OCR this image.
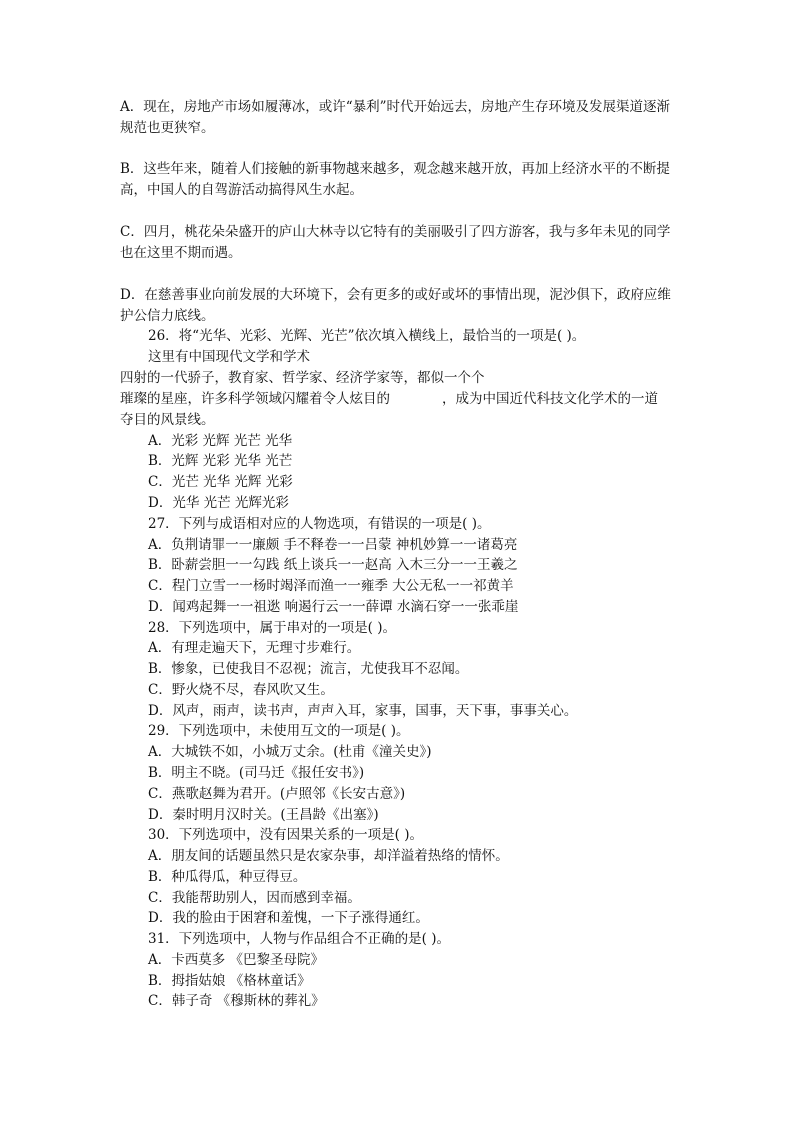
A．现在，房地产市场如履薄冰，或许“暴利”时代开始远去，房地产生存环境及发展渠道逐渐规范也更狭窄。

B．这些年来，随着人们接触的新事物越来越多，观念越来越开放，再加上经济水平的不断提高，中国人的自驾游活动搞得风生水起。

C．四月，桃花朵朵盛开的庐山大林寺以它特有的美丽吸引了四方游客，我与多年未见的同学也在这里不期而遇。

D．在慈善事业向前发展的大环境下，会有更多的或好或坏的事情出现，泥沙俱下，政府应维护公信力底线。

26．将“光华、光彩、光辉、光芒”依次填入横线上，最恰当的一项是( )。
这里有中国现代文学和学术
四射的一代骄子，教育家、哲学家、经济学家等，都似一个个
璀璨的星座，许多科学领域闪耀着令人炫目的	，成为中国近代科技文化学术的一道
夺目的风景线。
A．光彩 光辉 光芒 光华
B．光辉 光彩 光华 光芒
C．光芒 光华 光辉 光彩
D．光华 光芒 光辉光彩
27．下列与成语相对应的人物选项，有错误的一项是( )。
A．负荆请罪一一廉颇 手不释卷一一吕蒙 神机妙算一一诸葛亮
B．卧薪尝胆一一勾践 纸上谈兵一一赵高 入木三分一一王羲之
C．程门立雪一一杨时竭泽而渔一一雍季 大公无私一一祁黄羊
D．闻鸡起舞一一祖逖 响遏行云一一薛谭 水滴石穿一一张乖崖
28．下列选项中，属于串对的一项是( )。
A．有理走遍天下，无理寸步难行。
B．惨象，已使我目不忍视；流言，尤使我耳不忍闻。
C．野火烧不尽，春风吹又生。
D．风声，雨声，读书声，声声入耳，家事，国事，天下事，事事关心。
29．下列选项中，未使用互文的一项是( )。
A．大城铁不如，小城万丈余。(杜甫《潼关史》)
B．明主不晓。(司马迁《报任安书》)
C．燕歌赵舞为君开。(卢照邻《长安古意》)
D．秦时明月汉时关。(王昌龄《出塞》)
30．下列选项中，没有因果关系的一项是( )。
A．朋友间的话题虽然只是农家杂事，却洋溢着热络的情怀。
B．种瓜得瓜，种豆得豆。
C．我能帮助别人，因而感到幸福。
D．我的脸由于困窘和羞愧，一下子涨得通红。
31．下列选项中，人物与作品组合不正确的是( )。
A．卡西莫多 《巴黎圣母院》
B．拇指姑娘 《格林童话》
C．韩子奇 《穆斯林的葬礼》
